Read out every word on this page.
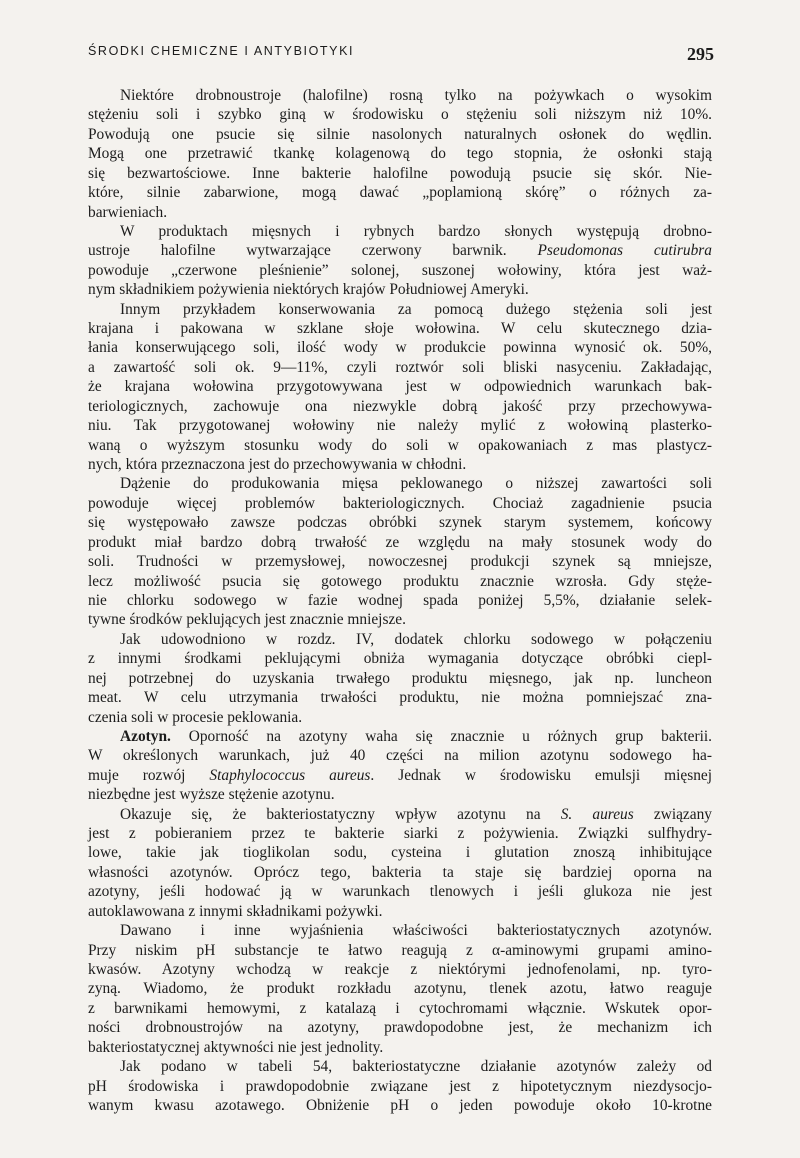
ŚRODKI CHEMICZNE I ANTYBIOTYKI	295

Niektóre drobnoustroje (halofilne) rosną tylko na pożywkach o wysokim
stężeniu soli i szybko giną w środowisku o stężeniu soli niższym niż 10%.
Powodują one psucie się silnie nasolonych naturalnych osłonek do wędlin.
Mogą one przetrawić tkankę kolagenową do tego stopnia, że osłonki stają
się bezwartościowe. Inne bakterie halofilne powodują psucie się skór. Nie-
które, silnie zabarwione, mogą dawać „poplamioną skórę” o różnych za-
barwieniach.

W produktach mięsnych i rybnych bardzo słonych występują drobno-
ustroje halofilne wytwarzające czerwony barwnik. Pseudomonas cutirubra
powoduje „czerwone pleśnienie” solonej, suszonej wołowiny, która jest waż-
nym składnikiem pożywienia niektórych krajów Południowej Ameryki.

Innym przykładem konserwowania za pomocą dużego stężenia soli jest
krajana i pakowana w szklane słoje wołowina. W celu skutecznego dzia-
łania konserwującego soli, ilość wody w produkcie powinna wynosić ok. 50%,
a zawartość soli ok. 9—11%, czyli roztwór soli bliski nasyceniu. Zakładając,
że krajana wołowina przygotowywana jest w odpowiednich warunkach bak-
teriologicznych, zachowuje ona niezwykle dobrą jakość przy przechowywa-
niu. Tak przygotowanej wołowiny nie należy mylić z wołowiną plasterko-
waną o wyższym stosunku wody do soli w opakowaniach z mas plastycz-
nych, która przeznaczona jest do przechowywania w chłodni.

Dążenie do produkowania mięsa peklowanego o niższej zawartości soli
powoduje więcej problemów bakteriologicznych. Chociaż zagadnienie psucia
się występowało zawsze podczas obróbki szynek starym systemem, końcowy
produkt miał bardzo dobrą trwałość ze względu na mały stosunek wody do
soli. Trudności w przemysłowej, nowoczesnej produkcji szynek są mniejsze,
lecz możliwość psucia się gotowego produktu znacznie wzrosła. Gdy stęże-
nie chlorku sodowego w fazie wodnej spada poniżej 5,5%, działanie selek-
tywne środków peklujących jest znacznie mniejsze.

Jak udowodniono w rozdz. IV, dodatek chlorku sodowego w połączeniu
z innymi środkami peklującymi obniża wymagania dotyczące obróbki ciepl-
nej potrzebnej do uzyskania trwałego produktu mięsnego, jak np. luncheon
meat. W celu utrzymania trwałości produktu, nie można pomniejszać zna-
czenia soli w procesie peklowania.

Azotyn. Oporność na azotyny waha się znacznie u różnych grup bakterii.
W określonych warunkach, już 40 części na milion azotynu sodowego ha-
muje rozwój Staphylococcus aureus. Jednak w środowisku emulsji mięsnej
niezbędne jest wyższe stężenie azotynu.

Okazuje się, że bakteriostatyczny wpływ azotynu na S. aureus związany
jest z pobieraniem przez te bakterie siarki z pożywienia. Związki sulfhydry-
lowe, takie jak tioglikolan sodu, cysteina i glutation znoszą inhibitujące
własności azotynów. Oprócz tego, bakteria ta staje się bardziej oporna na
azotyny, jeśli hodować ją w warunkach tlenowych i jeśli glukoza nie jest
autoklawowana z innymi składnikami pożywki.

Dawano i inne wyjaśnienia właściwości bakteriostatycznych azotynów.
Przy niskim pH substancje te łatwo reagują z α-aminowymi grupami amino-
kwasów. Azotyny wchodzą w reakcje z niektórymi jednofenolami, np. tyro-
zyną. Wiadomo, że produkt rozkładu azotynu, tlenek azotu, łatwo reaguje
z barwnikami hemowymi, z katalazą i cytochromami włącznie. Wskutek opor-
ności drobnoustrojów na azotyny, prawdopodobne jest, że mechanizm ich
bakteriostatycznej aktywności nie jest jednolity.

Jak podano w tabeli 54, bakteriostatyczne działanie azotynów zależy od
pH środowiska i prawdopodobnie związane jest z hipotetycznym niezdysocjo-
wanym kwasu azotawego. Obniżenie pH o jeden powoduje około 10-krotne
